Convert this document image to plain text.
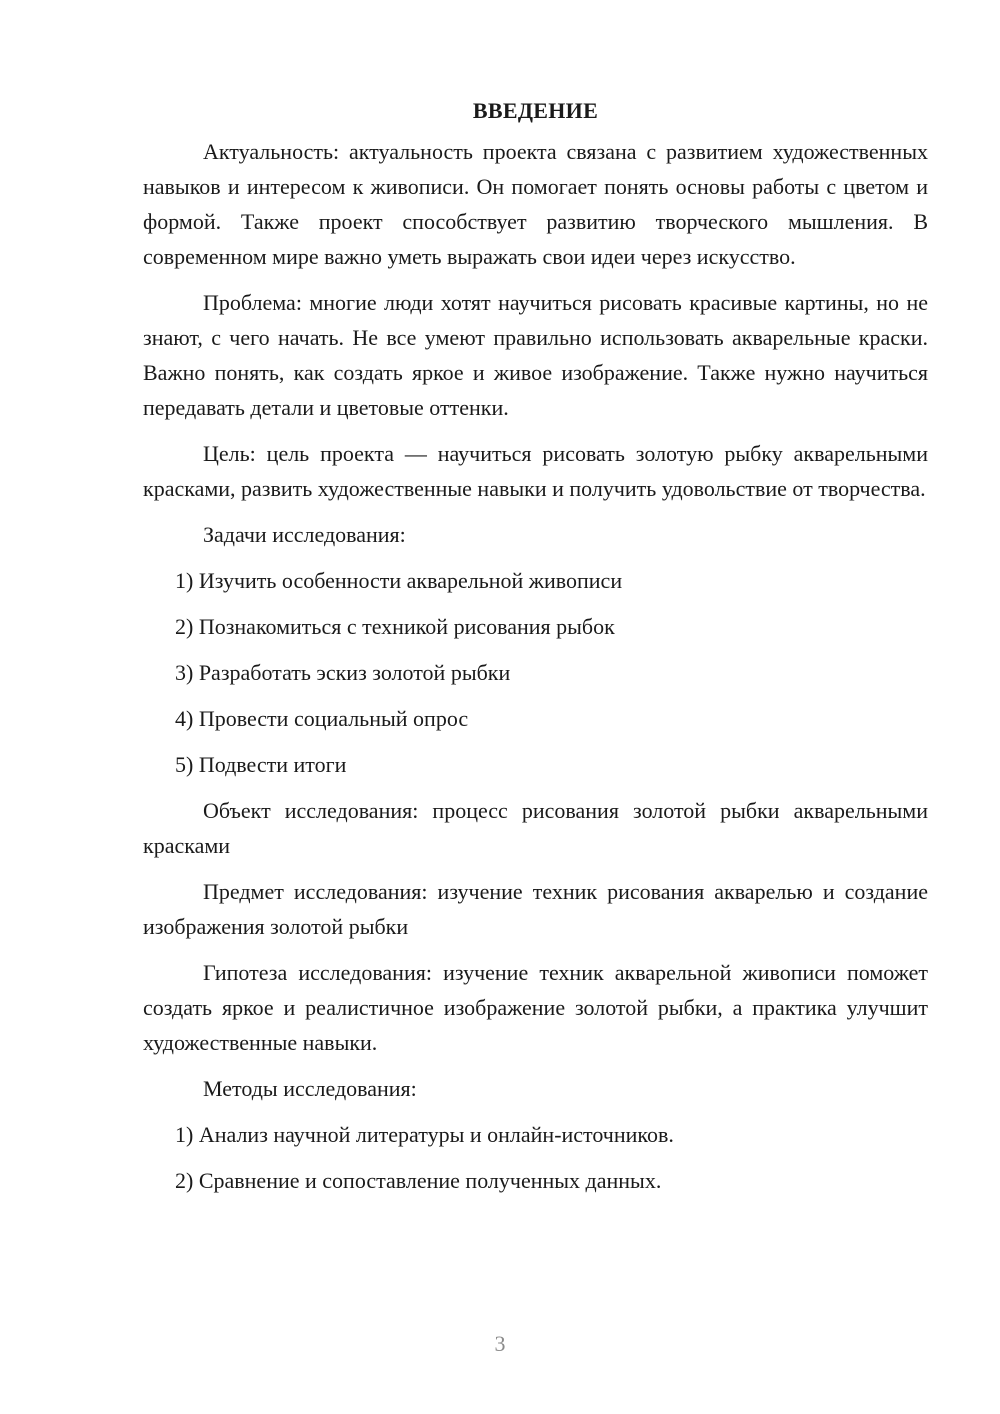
ВВЕДЕНИЕ

Актуальность: актуальность проекта связана с развитием художественных навыков и интересом к живописи. Он помогает понять основы работы с цветом и формой. Также проект способствует развитию творческого мышления. В современном мире важно уметь выражать свои идеи через искусство.

Проблема: многие люди хотят научиться рисовать красивые картины, но не знают, с чего начать. Не все умеют правильно использовать акварельные краски. Важно понять, как создать яркое и живое изображение. Также нужно научиться передавать детали и цветовые оттенки.

Цель: цель проекта — научиться рисовать золотую рыбку акварельными красками, развить художественные навыки и получить удовольствие от творчества.

Задачи исследования:

1) Изучить особенности акварельной живописи

2) Познакомиться с техникой рисования рыбок

3) Разработать эскиз золотой рыбки

4) Провести социальный опрос

5) Подвести итоги

Объект исследования: процесс рисования золотой рыбки акварельными красками

Предмет исследования: изучение техник рисования акварелью и создание изображения золотой рыбки

Гипотеза исследования: изучение техник акварельной живописи поможет создать яркое и реалистичное изображение золотой рыбки, а практика улучшит художественные навыки.

Методы исследования:

1) Анализ научной литературы и онлайн-источников.

2) Сравнение и сопоставление полученных данных.

3
